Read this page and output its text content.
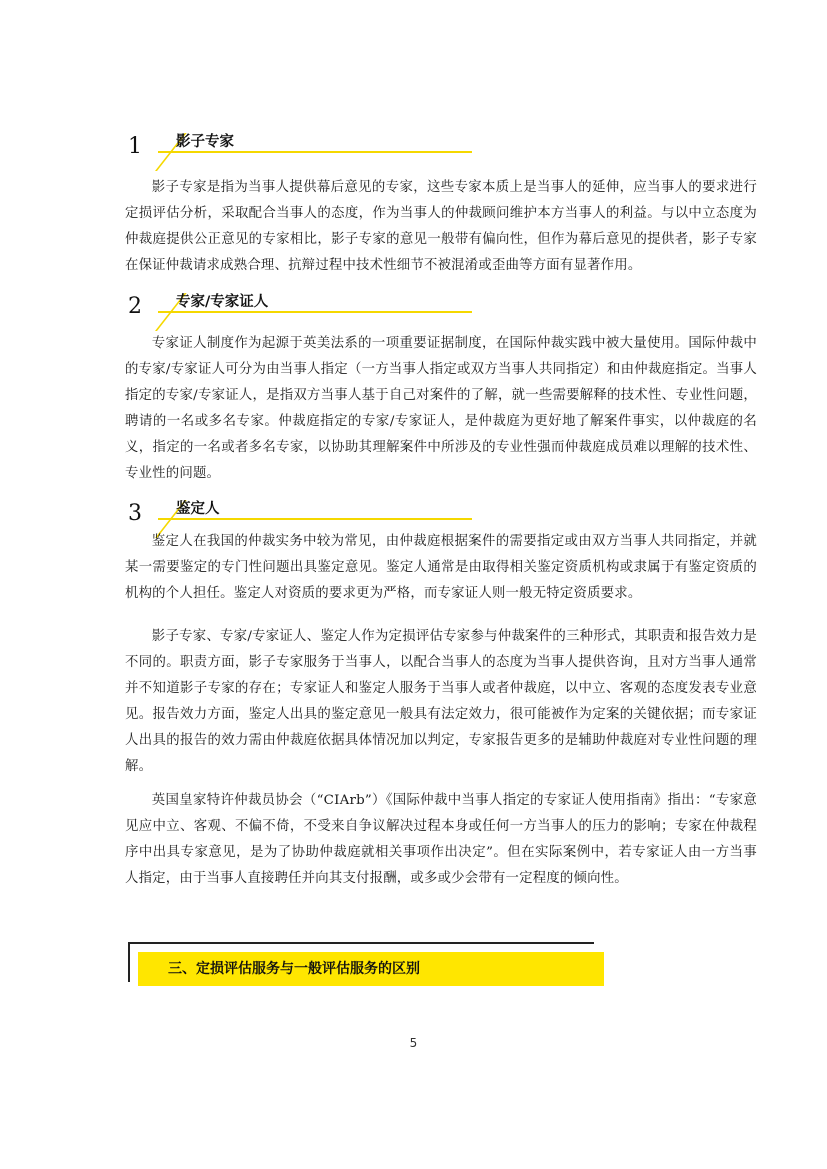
1 影子专家

影子专家是指为当事人提供幕后意见的专家，这些专家本质上是当事人的延伸，应当事人的要求进行定损评估分析，采取配合当事人的态度，作为当事人的仲裁顾问维护本方当事人的利益。与以中立态度为仲裁庭提供公正意见的专家相比，影子专家的意见一般带有偏向性，但作为幕后意见的提供者，影子专家在保证仲裁请求成熟合理、抗辩过程中技术性细节不被混淆或歪曲等方面有显著作用。

2 专家/专家证人

专家证人制度作为起源于英美法系的一项重要证据制度，在国际仲裁实践中被大量使用。国际仲裁中的专家/专家证人可分为由当事人指定（一方当事人指定或双方当事人共同指定）和由仲裁庭指定。当事人指定的专家/专家证人，是指双方当事人基于自己对案件的了解，就一些需要解释的技术性、专业性问题，聘请的一名或多名专家。仲裁庭指定的专家/专家证人，是仲裁庭为更好地了解案件事实，以仲裁庭的名义，指定的一名或者多名专家，以协助其理解案件中所涉及的专业性强而仲裁庭成员难以理解的技术性、专业性的问题。

3 鉴定人

鉴定人在我国的仲裁实务中较为常见，由仲裁庭根据案件的需要指定或由双方当事人共同指定，并就某一需要鉴定的专门性问题出具鉴定意见。鉴定人通常是由取得相关鉴定资质机构或隶属于有鉴定资质的机构的个人担任。鉴定人对资质的要求更为严格，而专家证人则一般无特定资质要求。

影子专家、专家/专家证人、鉴定人作为定损评估专家参与仲裁案件的三种形式，其职责和报告效力是不同的。职责方面，影子专家服务于当事人，以配合当事人的态度为当事人提供咨询，且对方当事人通常并不知道影子专家的存在；专家证人和鉴定人服务于当事人或者仲裁庭，以中立、客观的态度发表专业意见。报告效力方面，鉴定人出具的鉴定意见一般具有法定效力，很可能被作为定案的关键依据；而专家证人出具的报告的效力需由仲裁庭依据具体情况加以判定，专家报告更多的是辅助仲裁庭对专业性问题的理解。

英国皇家特许仲裁员协会（“CIArb”）《国际仲裁中当事人指定的专家证人使用指南》指出：“专家意见应中立、客观、不偏不倚，不受来自争议解决过程本身或任何一方当事人的压力的影响；专家在仲裁程序中出具专家意见，是为了协助仲裁庭就相关事项作出决定”。但在实际案例中，若专家证人由一方当事人指定，由于当事人直接聘任并向其支付报酬，或多或少会带有一定程度的倾向性。

三、定损评估服务与一般评估服务的区别
5
